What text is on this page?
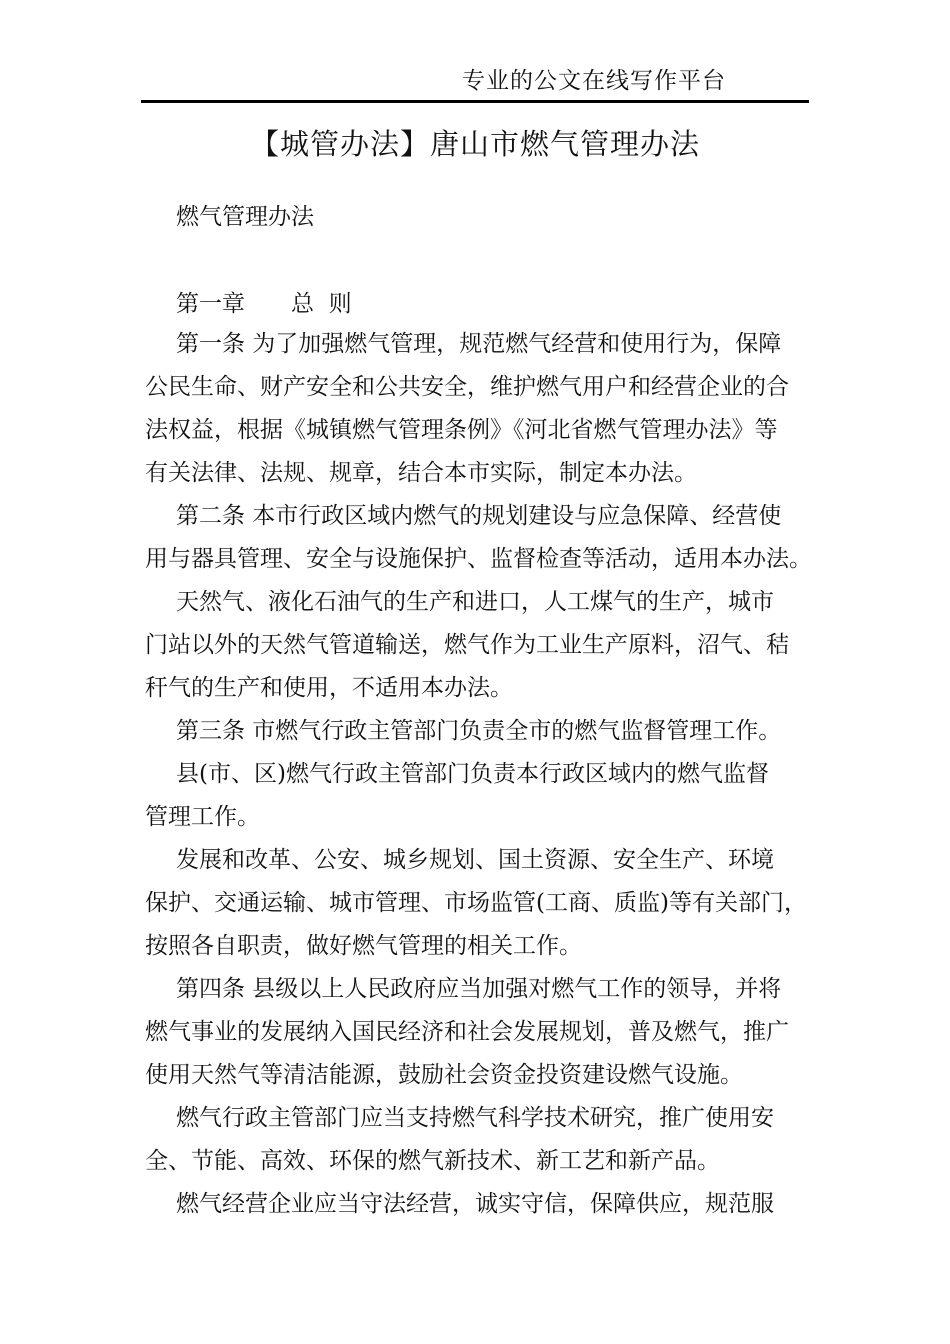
专业的公文在线写作平台
【城管办法】唐山市燃气管理办法
燃气管理办法
第一章　　总  则
第一条 为了加强燃气管理，规范燃气经营和使用行为，保障
公民生命、财产安全和公共安全，维护燃气用户和经营企业的合
法权益，根据《城镇燃气管理条例》《河北省燃气管理办法》等
有关法律、法规、规章，结合本市实际，制定本办法。
第二条 本市行政区域内燃气的规划建设与应急保障、经营使
用与器具管理、安全与设施保护、监督检查等活动，适用本办法。
天然气、液化石油气的生产和进口，人工煤气的生产，城市
门站以外的天然气管道输送，燃气作为工业生产原料，沼气、秸
秆气的生产和使用，不适用本办法。
第三条 市燃气行政主管部门负责全市的燃气监督管理工作。
县(市、区)燃气行政主管部门负责本行政区域内的燃气监督
管理工作。
发展和改革、公安、城乡规划、国土资源、安全生产、环境
保护、交通运输、城市管理、市场监管(工商、质监)等有关部门，
按照各自职责，做好燃气管理的相关工作。
第四条 县级以上人民政府应当加强对燃气工作的领导，并将
燃气事业的发展纳入国民经济和社会发展规划，普及燃气，推广
使用天然气等清洁能源，鼓励社会资金投资建设燃气设施。
燃气行政主管部门应当支持燃气科学技术研究，推广使用安
全、节能、高效、环保的燃气新技术、新工艺和新产品。
燃气经营企业应当守法经营，诚实守信，保障供应，规范服
